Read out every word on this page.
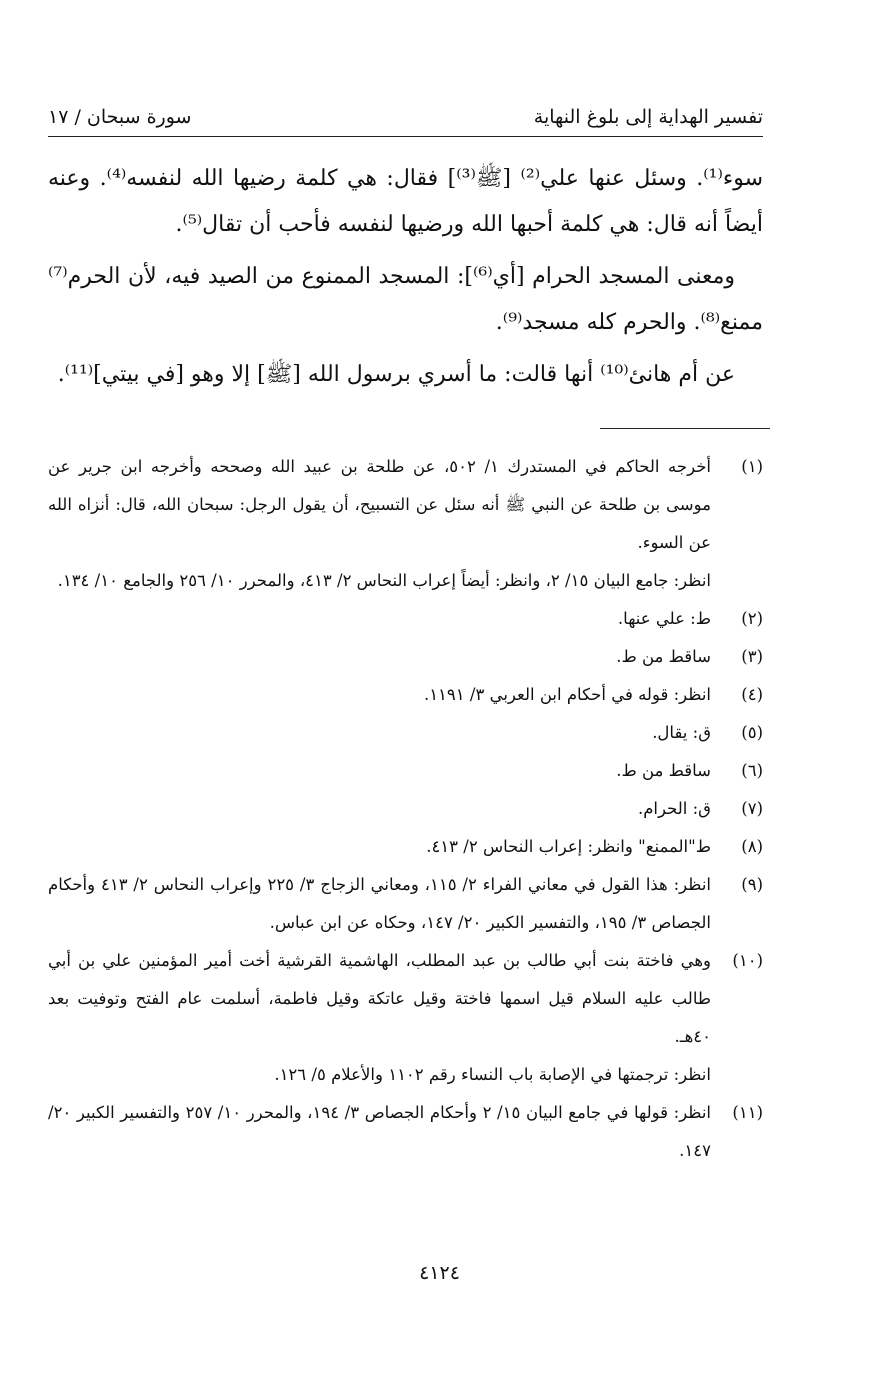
تفسير الهداية إلى بلوغ النهاية
سورة سبحان / ١٧

سوء⁽¹⁾. وسئل عنها علي⁽²⁾ [ﷺ⁽³⁾] فقال: هي كلمة رضيها الله لنفسه⁽⁴⁾. وعنه أيضاً أنه قال: هي كلمة أحبها الله ورضيها لنفسه فأحب أن تقال⁽⁵⁾.

ومعنى المسجد الحرام [أي⁽⁶⁾]: المسجد الممنوع من الصيد فيه، لأن الحرم⁽⁷⁾ ممنع⁽⁸⁾. والحرم كله مسجد⁽⁹⁾.

عن أم هانئ⁽¹⁰⁾ أنها قالت: ما أسري برسول الله [ﷺ] إلا وهو [في بيتي]⁽¹¹⁾.

(١)
أخرجه الحاكم في المستدرك ١/ ٥٠٢، عن طلحة بن عبيد الله وصححه وأخرجه ابن جرير عن موسى بن طلحة عن النبي ﷺ أنه سئل عن التسبيح، أن يقول الرجل: سبحان الله، قال: أنزاه الله عن السوء.
انظر: جامع البيان ١٥/ ٢، وانظر: أيضاً إعراب النحاس ٢/ ٤١٣، والمحرر ١٠/ ٢٥٦ والجامع ١٠/ ١٣٤.
(٢)
ط: علي عنها.
(٣)
ساقط من ط.
(٤)
انظر: قوله في أحكام ابن العربي ٣/ ١١٩١.
(٥)
ق: يقال.
(٦)
ساقط من ط.
(٧)
ق: الحرام.
(٨)
ط"الممنع" وانظر: إعراب النحاس ٢/ ٤١٣.
(٩)
انظر: هذا القول في معاني الفراء ٢/ ١١٥، ومعاني الزجاج ٣/ ٢٢٥ وإعراب النحاس ٢/ ٤١٣ وأحكام الجصاص ٣/ ١٩٥، والتفسير الكبير ٢٠/ ١٤٧، وحكاه عن ابن عباس.
(١٠)
وهي فاختة بنت أبي طالب بن عبد المطلب، الهاشمية القرشية أخت أمير المؤمنين علي بن أبي طالب عليه السلام قيل اسمها فاختة وقيل عاتكة وقيل فاطمة، أسلمت عام الفتح وتوفيت بعد ٤٠هـ.
انظر: ترجمتها في الإصابة باب النساء رقم ١١٠٢ والأعلام ٥/ ١٢٦.
(١١)
انظر: قولها في جامع البيان ١٥/ ٢ وأحكام الجصاص ٣/ ١٩٤، والمحرر ١٠/ ٢٥٧ والتفسير الكبير ٢٠/ ١٤٧.
٤١٢٤
